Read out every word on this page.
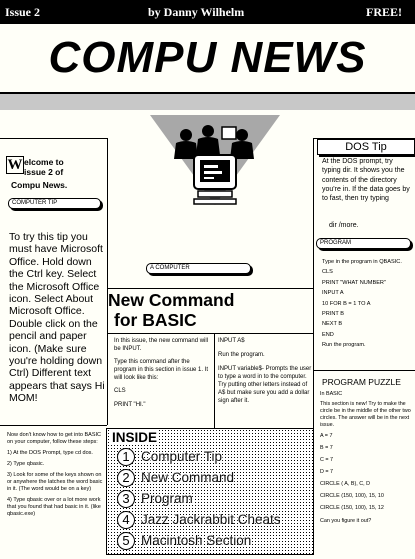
Issue 2	by Danny Wilhelm	FREE!
COMPU NEWS
W elcome to
issue 2 of
Compu News.
COMPUTER TIP
To try this tip you must have Microsoft Office. Hold down the Ctrl key. Select the Microsoft Office icon. Select About Microsoft Office. Double click on the pencil and paper icon. (Make sure you're holding down Ctrl) Different text appears that says Hi MOM!
Now don't know how to get into BASIC on your computer, follow these steps:
1) At the DOS Prompt, type cd dos.
2) Type qbasic.
3) Look for some of the keys shown on or anywhere the latches the word basic in it. (The word would be on a key)
4) Type qbasic over or a lot more work that you found that had basic in it. (like qbasic.exe)
A COMPUTER
New Command
for BASIC
In this issue, the new command will be INPUT.
Type this command after the program in this section in issue 1. It will look like this:
CLS
PRINT "HI."
INPUT A$
Run the program.
INPUT variable$- Prompts the user to type a word in to the computer. Try putting other letters instead of A$ but make sure you add a dollar sign after it.
DOS Tip
At the DOS prompt, try typing dir. It shows you the contents of the directory you're in. If the data goes by to fast, then try typing
dir /more.
PROGRAM
Type in the program in QBASIC.
CLS
PRINT "WHAT NUMBER"
INPUT A
10 FOR B = 1 TO A
PRINT B
NEXT B
END
Run the program.
PROGRAM PUZZLE
In BASIC
This section is new! Try to make the circle be in the middle of the other two circles. The answer will be in the next issue.
A = 7
B = 7
C = 7
D = 7
CIRCLE ( A, B), C, D
CIRCLE (150, 100), 15, 10
CIRCLE (150, 100), 15, 12
Can you figure it out?
INSIDE
1 Computer Tip
2 New Command
3 Program
4 Jazz Jackrabbit Cheats
5 Macintosh Section
